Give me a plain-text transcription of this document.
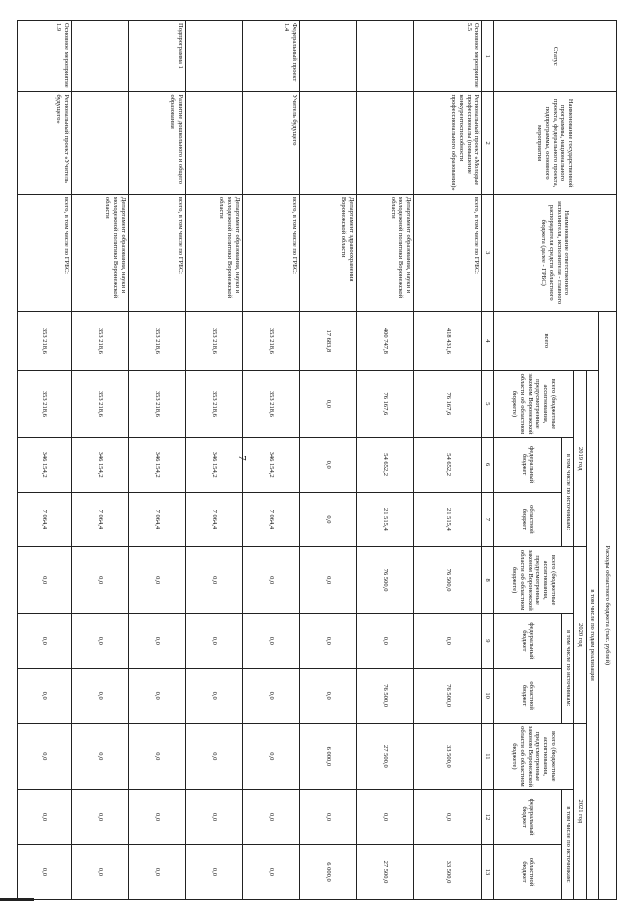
7
Статус	Наименование государственной программы, национального проекта, федерального проекта, подпрограммы, основного мероприятия	Наименование ответственного исполнителя, исполнителя - главного распорядителя средств областного бюджета (далее - ГРБС)	Расходы областного бюджета (тыс. рублей)									
			всего	в том числе по годам реализации								
				2019 год			2020 год			2021 год		
				всего (бюджетные ассигнования, предусмотренные законом Воронежской области об областном бюджете)	в том числе по источникам:		всего (бюджетные ассигнования, предусмотренные законом Воронежской области об областном бюджете)	в том числе по источникам:		всего (бюджетные ассигнования, предусмотренные законом Воронежской области об областном бюджете)	в том числе по источникам:	
					федеральный бюджет	областной бюджет		федеральный бюджет	областной бюджет		федеральный бюджет	областной бюджет
1	2	3	4	5	6	7	8	9	10	11	12	13
Основное мероприятие 5.5	Региональный проект «Молодые профессионалы (повышение конкурентоспособности профессионального образования)»	всего, в том числе по ГРБС:	418 431,6	76 167,6	54 652,2	21 515,4	76 500,0	0,0	76 500,0	33 500,0	0,0	33 500,0
		Департамент образования, науки и молодежной политики Воронежской области	400 747,8	76 167,6	54 652,2	21 515,4	76 500,0	0,0	76 500,0	27 500,0	0,0	27 500,0
		Департамент здравоохранения Воронежской области	17 683,8	0,0	0,0	0,0	0,0	0,0	0,0	6 000,0	0,0	6 000,0
Федеральный проект 1.4	Учитель будущего	всего, в том числе по ГРБС:	353 218,6	353 218,6	346 154,2	7 064,4	0,0	0,0	0,0	0,0	0,0	0,0
		Департамент образования, науки и молодежной политики Воронежской области	353 218,6	353 218,6	346 154,2	7 064,4	0,0	0,0	0,0	0,0	0,0	0,0
Подпрограмма 1	Развитие дошкольного и общего образования	всего, в том числе по ГРБС:	353 218,6	353 218,6	346 154,2	7 064,4	0,0	0,0	0,0	0,0	0,0	0,0
		Департамент образования, науки и молодежной политики Воронежской области	353 218,6	353 218,6	346 154,2	7 064,4	0,0	0,0	0,0	0,0	0,0	0,0
Основное мероприятие 1.9	Региональный проект «Учитель будущего»	всего, в том числе по ГРБС:	353 218,6	353 218,6	346 154,2	7 064,4	0,0	0,0	0,0	0,0	0,0	0,0
